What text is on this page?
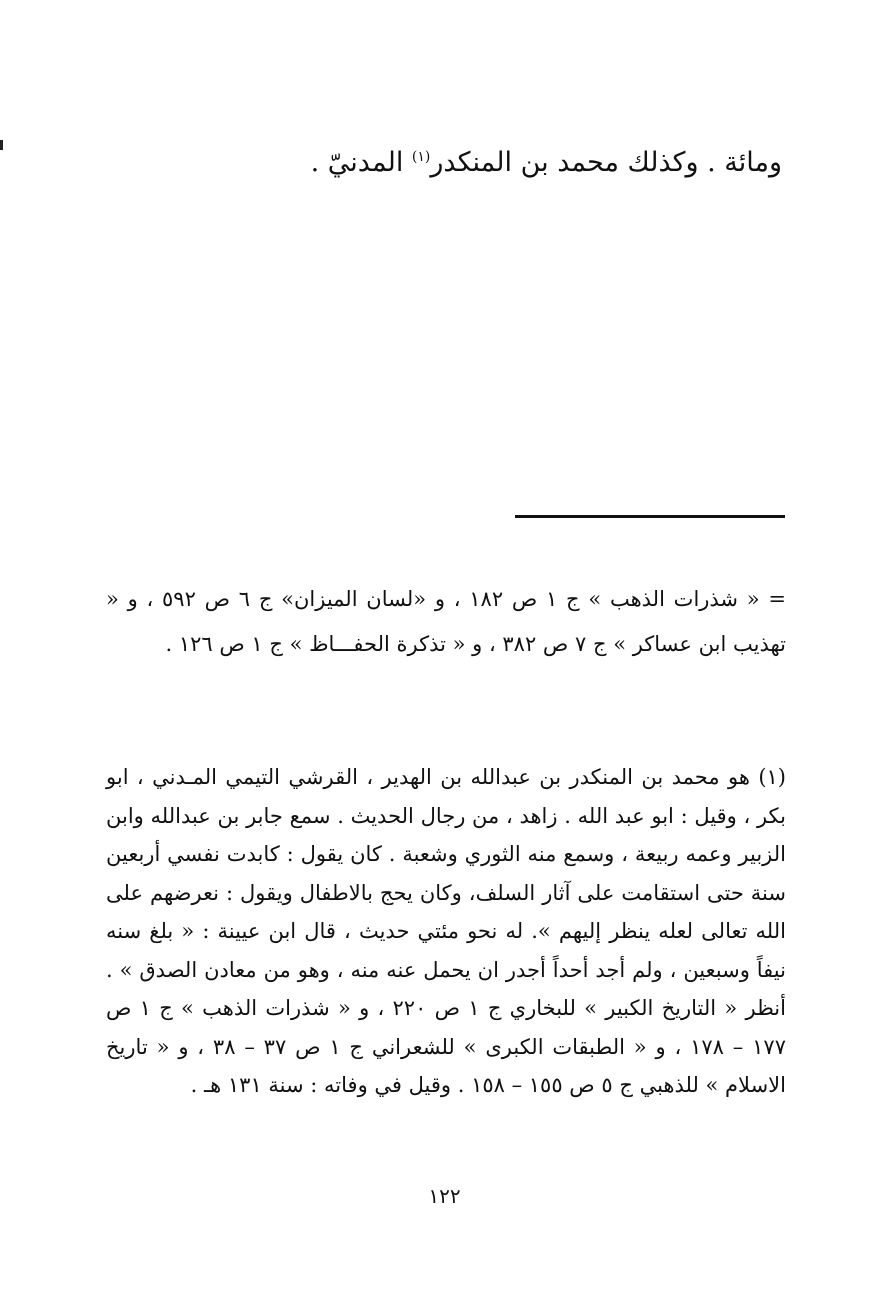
ومائة . وكذلك محمد بن المنكدر$^{(١)}$ المدنيّ .
= « شذرات الذهب » ج ١ ص ١٨٢ ، و «لسان الميزان» ج ٦ ص ٥٩٢ ، و « تهذيب ابن عساكر » ج ٧ ص ٣٨٢ ، و « تذكرة الحفـــاظ » ج ١ ص ١٢٦ .
(١) هو محمد بن المنكدر بن عبدالله بن الهدير ، القرشي التيمي المـدني ، ابو بكر ، وقيل : ابو عبد الله . زاهد ، من رجال الحديث . سمع جابر بن عبدالله وابن الزبير وعمه ربيعة ، وسمع منه الثوري وشعبة . كان يقول : كابدت نفسي أربعين سنة حتى استقامت على آثار السلف، وكان يحج بالاطفال ويقول : نعرضهم على الله تعالى لعله ينظر إليهم ». له نحو مئتي حديث ، قال ابن عيينة : « بلغ سنه نيفاً وسبعين ، ولم أجد أحداً أجدر ان يحمل عنه منه ، وهو من معادن الصدق » . أنظر « التاريخ الكبير » للبخاري ج ١ ص ٢٢٠ ، و « شذرات الذهب » ج ١ ص ١٧٧ – ١٧٨ ، و « الطبقات الكبرى » للشعراني ج ١ ص ٣٧ – ٣٨ ، و « تاريخ الاسلام » للذهبي ج ٥ ص ١٥٥ – ١٥٨ . وقيل في وفاته : سنة ١٣١ هـ .
١٢٢
